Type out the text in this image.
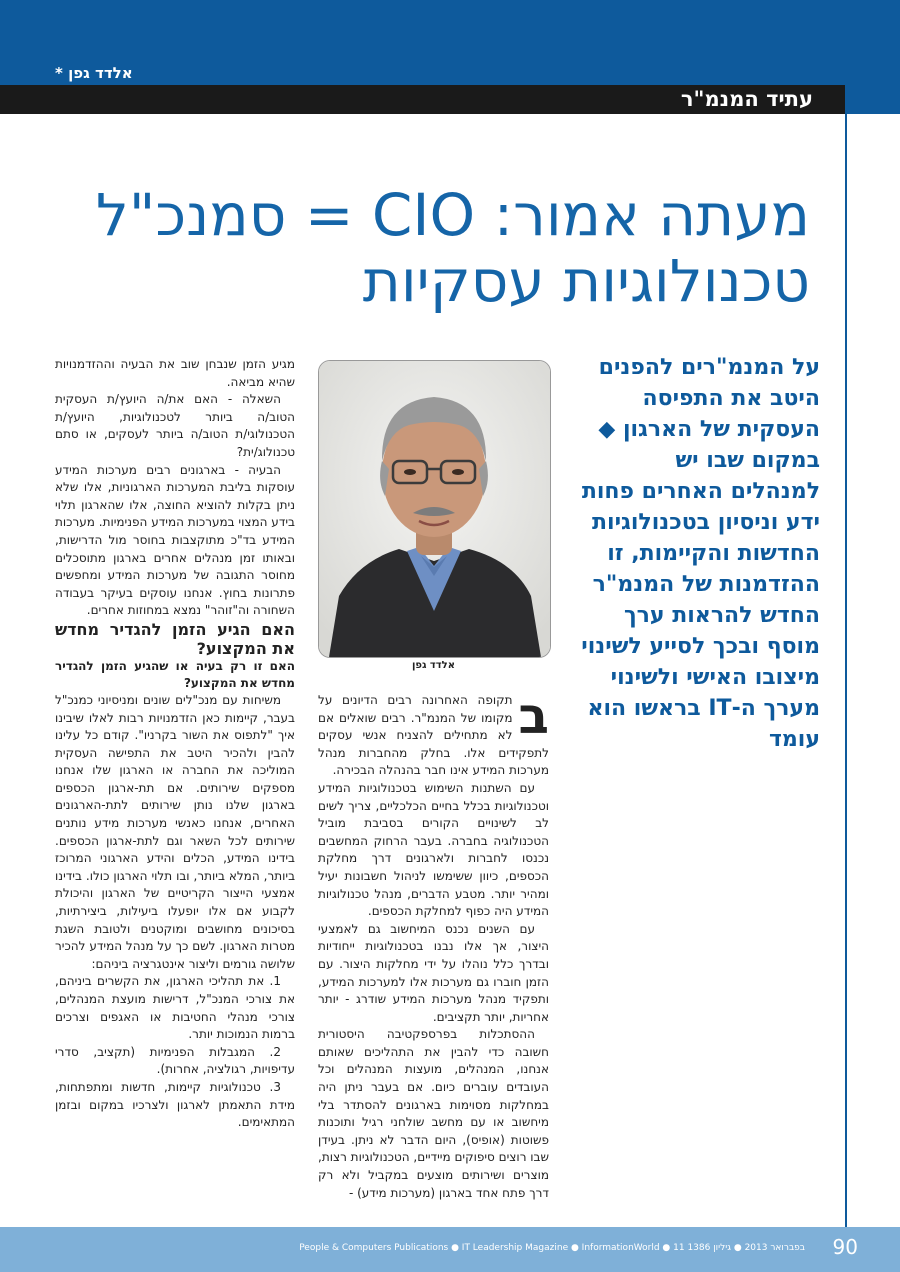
אלדד גפן *
עתיד המנמ"ר
מעתה אמור: CIO = סמנכ"ל
טכנולוגיות עסקיות
על המנמ"רים להפנים היטב את התפיסה העסקית של הארגון ◆ במקום שבו יש למנהלים האחרים פחות ידע וניסיון בטכנולוגיות החדשות והקיימות, זו ההזדמנות של המנמ"ר החדש להראות ערך מוסף ובכך לסייע לשינוי מיצובו האישי ולשינוי מערך ה-IT בראשו הוא עומד
אלדד גפן
ב

תקופה האחרונה רבים הדיונים על מקומו של המנמ"ר. רבים שואלים אם לא מתחילים להצניח אנשי עסקים לתפקידים אלו. בחלק מהחברות מנהל מערכות המידע אינו חבר בהנהלה הבכירה.

עם השתנות השימוש בטכנולוגיות המידע וטכנולוגיות בכלל בחיים הכלכליים, צריך לשים לב לשינויים הקורים בסביבת מוביל הטכנולוגיה בחברה. בעבר הרחוק המחשבים נכנסו לחברות ולארגונים דרך מחלקת הכספים, כיוון ששימשו לניהול חשבונות יעיל ומהיר יותר. מטבע הדברים, מנהל טכנולוגיות המידע היה כפוף למחלקת הכספים.

עם השנים נכנס המיחשוב גם לאמצעי היצור, אך אלו נבנו בטכנולוגיות ייחודיות ובדרך כלל נוהלו על ידי מחלקות היצור. עם הזמן חוברו גם מערכות אלו למערכות המידע, ותפקיד מנהל מערכות המידע שודרג - יותר אחריות, יותר תקציבים.

ההסתכלות בפרספקטיבה היסטורית חשובה כדי להבין את התהליכים שאותם אנחנו, המנהלים, מועצות המנהלים וכל העובדים עוברים כיום. אם בעבר ניתן היה במחלקות מסוימות בארגונים להסתדר בלי מיחשוב או עם מחשב שולחני רגיל ותוכנות פשוטות (אופיס), היום הדבר לא ניתן. בעידן שבו רוצים סיפוקים מיידיים, הטכנולוגיות רצות, מוצרים ושירותים מוצעים במקביל ולא רק דרך פתח אחד בארגון (מערכות מידע) -

מגיע הזמן שנבחן שוב את הבעיה וההזדמנויות שהיא מביאה.

השאלה - האם את/ה היועץ/ת העסקית הטוב/ה ביותר לטכנולוגיות, היועץ/ת הטכנולוגי/ת הטוב/ה ביותר לעסקים, או סתם טכנולוג/ית?

הבעיה - בארגונים רבים מערכות המידע עוסקות בליבת המערכות הארגוניות, אלו שלא ניתן בקלות להוציא החוצה, אלו שהארגון תלוי בידע המצוי במערכות המידע הפנימיות. מערכות המידע בד"כ מתוקצבות בחוסר מול הדרישות, ובאותו זמן מנהלים אחרים בארגון מתוסכלים מחוסר התגובה של מערכות המידע ומחפשים פתרונות בחוץ. אנחנו עוסקים בעיקר בעבודה השחורה וה"זוהר" נמצא במחוזות אחרים.

האם הגיע הזמן להגדיר מחדש את המקצוע?

האם זו רק בעיה או שהגיע הזמן להגדיר מחדש את המקצוע?

משיחות עם מנכ"לים שונים ומניסיוני כמנכ"ל בעבר, קיימות כאן הזדמנויות רבות לאלו שיבינו איך "לתפוס את השור בקרניו". קודם כל עלינו להבין ולהכיר היטב את התפישה העסקית המוליכה את החברה או הארגון שלו אנחנו מספקים שירותים. אם תת-ארגון הכספים בארגון שלנו נותן שירותים לתת-הארגונים האחרים, אנחנו כאנשי מערכות מידע נותנים שירותים לכל השאר וגם לתת-ארגון הכספים. בידינו המידע, הכלים והידע הארגוני המרוכז ביותר, המלא ביותר, ובו תלוי הארגון כולו. בידינו אמצעי הייצור הקריטיים של הארגון והיכולת לקבוע אם אלו יופעלו ביעילות, ביצירתיות, בסיכונים מחושבים ומוקטנים ולטובת השגת מטרות הארגון. לשם כך על מנהל המידע להכיר שלושה גורמים וליצור אינטגרציה ביניהם:

1. את תהליכי הארגון, את הקשרים ביניהם, את צורכי המנכ"ל, דרישות מועצת המנהלים, צורכי מנהלי החטיבות או האגפים וצרכים ברמות הנמוכות יותר.

2. המגבלות הפנימיות (תקציב, סדרי עדיפויות, רגולציה, אחרות).

3. טכנולוגיות קיימות, חדשות ומתפתחות, מידת התאמתן לארגון ולצרכיו במקום ובזמן המתאימים.

People & Computers Publications ● IT Leadership Magazine ● InformationWorld ● 11 בפברואר 2013 ● גיליון 1386 90
